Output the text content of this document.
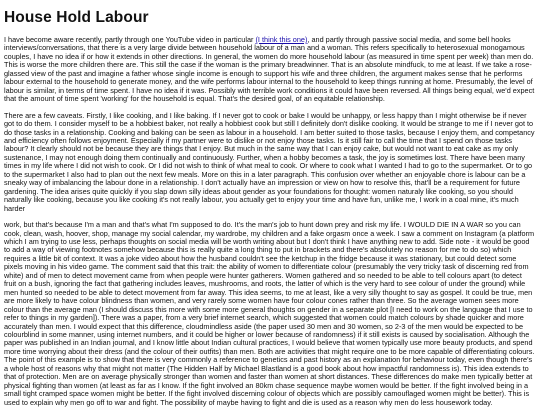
House Hold Labour

I have become aware recently, partly through one YouTube video in particular (I think this one), and partly through passive social media, and some bell hooks interviews/conversations, that there is a very large divide between household labour of a man and a woman. This refers specifically to heterosexual monogamous couples, I have no idea if or how it extends in other directions. In general, the women do more household labour (as measured in time spent per week) than men do. This is worse the more children there are. This still the case if the woman is the primary breadwinner. That is an absolute mindfuck, to me at least. If we take a rose-glassed view of the past and imagine a father whose single income is enough to support his wife and three children, the argument makes sense that he performs labour external to the household to generate money, and the wife performs labour internal to the household to keep things running at home. Presumably, the level of labour is similar, in terms of time spent. I have no idea if it was. Possibly with terrible work conditions it could have been reversed. All things being equal, we'd expect that the amount of time spent 'working' for the household is equal. That's the desired goal, of an equitable relationship.

There are a few caveats. Firstly, I like cooking, and I like baking. If I never got to cook or bake I would be unhappy, or less happy than I might otherwise be if never got to do them. I consider myself to be a hobbiest baker, not really a hobbiest cook but still I definitely don't dislike cooking. It would be strange to me if I never got to do those tasks in a relationship. Cooking and baking can be seen as labour in a household. I am better suited to those tasks, because I enjoy them, and competancy and efficiency often follows enjoyment. Especially if my partner were to dislike or not enjoy those tasks. Is it still fair to call the time that I spend on those tasks labour? It clearly should not be because they are things that I enjoy. But much in the same way that I can enjoy cake, but would not want to eat cake as my only sustenance, I may not enough doing them continually and continuously. Further, when a hobby becomes a task, the joy is sometimes lost. There have been many times in my life where I did not wish to cook. Or I did not wish to think of what meal to cook. Or where to cook what I wanted I had to go to the supermarket. Or to go to the supermarket I also had to plan out the next few meals. More on this in a later paragraph. This confusion over whether an enjoyable chore is labour can be a sneaky way of imbalancing the labour done in a relationship. I don't actually have an impression or view on how to resolve this, that'll be a requirement for future gardening. The idea arises quite quickly if you slap down silly ideas about gender as your foundations for thought: women naturaly like cooking, so you should naturally like cooking, because you like cooking it's not really labour, you actually get to enjoy your time and have fun, unlike me, I work in a coal mine, it's much harder

work, but that's because I'm a man and that's what I'm supposed to do. It's the man's job to hunt down prey and risk my life. I WOULD DIE IN A WAR so you can cook, clean, wash, hoover, shop, manage my social calendar, my wardrobe, my children and a fake orgasm once a week. I saw a comment on Instagram (a platform which I am trying to use less, perhaps thoughts on social media will be worth writing about but I don't think I have anything new to add. Side note - it would be good to add a way of viewing footnotes somehow because this is really quite a long thing to put in brackets and there's absolutely no reason for me to do so) which requires a little bit of context. It was a joke video about how the husband couldn't see the ketchup in the fridge because it was stationary, but could detect some pixels moving in his video game. The comment said that this trait: the ability of women to differentiate colour (presumably the very tricky task of discerning red from white) and of men to detect movement came from when people were hunter gatherers. Women gathered and so needed to be able to tell colours apart (to detect fruit on a bush, ignoring the fact that gathering includes leaves, mushrooms, and roots, the latter of which is the very hard to see colour of under the ground) while men hunted so needed to be able to detect movement from far away. This idea seems, to me at least, like a very silly thought to say as gospel. It could be true, men are more likely to have colour blindness than women, and very rarely some women have four colour cones rather than three. So the average women sees more colour than the average man (I should discuss this more with some more general thoughts on gender in a separate plot [I need to work on the language that I use to refer to things in my garden]). There was a paper, from a very brief internet search, which suggested that women could match colours by shade quicker and more accurately than men. I would expect that this difference, cloudmindless aside (the paper used 30 men and 30 women, so 2-3 of the men would be expected to be colourblind in some manner, using internet numbers, and it could be higher or lower because of randomness) if it still exists is caused by socialisation. Although the paper was published in an Indian journal, and I know little about Indian cultural practices, I would believe that women typically use more beauty products, and spend more time worrying about their dress (and the colour of their outfits) than men. Both are activities that might require one to be more capable of differentiating colours. The point of this example is to show that there is very commonly a reference to genetics and past history as an explanation for behaviour today, even though there's a whole host of reasons why that might not matter (The Hidden Half by Michael Blastland is a good book about how impactful randomness is). This idea extends to that of protection. Men are on average physically stronger than women and faster than women at short distances. These differences do make men typically better at physical fighting than women (at least as far as I know. If the fight involved an 80km chase sequence maybe women would be better. If the fight involved being in a small tight cramped space women might be better. If the fight involved discerning colour of objects which are possibly camouflaged women might be better). This is used to explain why men go off to war and fight. The possibility of maybe having to fight and die is used as a reason why men do less housework today.
